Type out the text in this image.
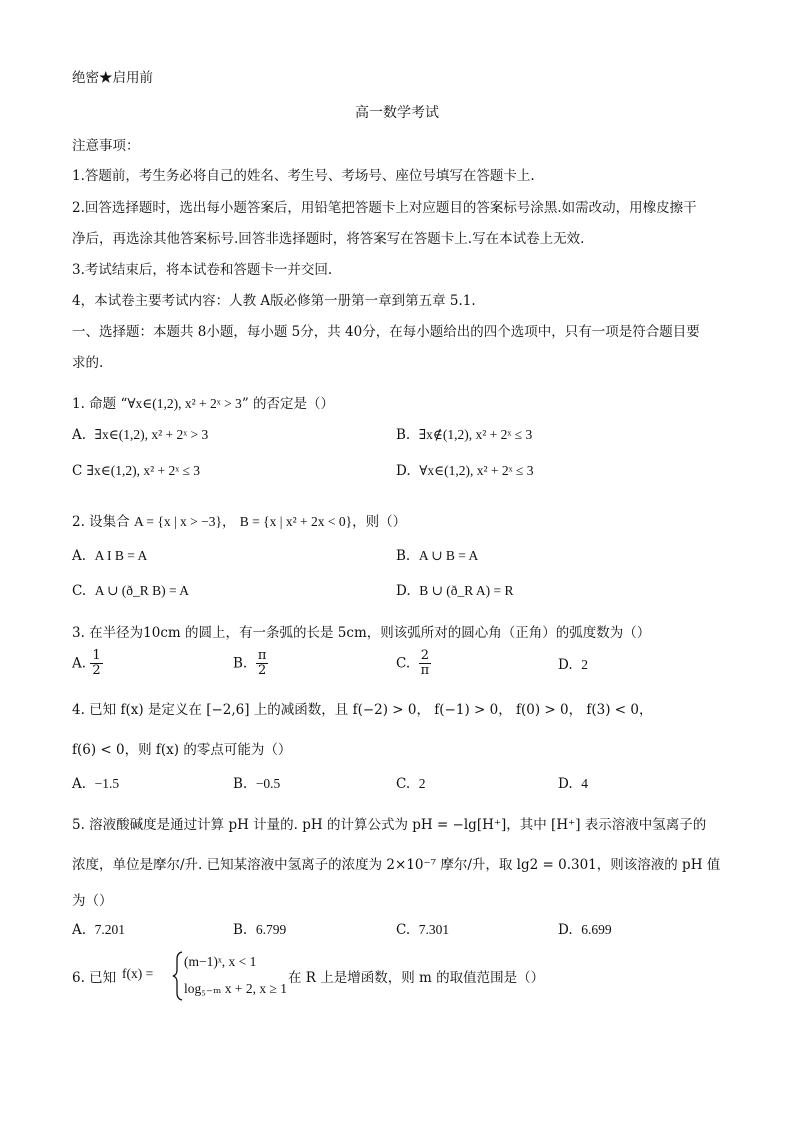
绝密★启用前
高一数学考试
注意事项：
1.答题前，考生务必将自己的姓名、考生号、考场号、座位号填写在答题卡上.
2.回答选择题时，选出每小题答案后，用铅笔把答题卡上对应题目的答案标号涂黑.如需改动，用橡皮擦干
净后，再选涂其他答案标号.回答非选择题时，将答案写在答题卡上.写在本试卷上无效.
3.考试结束后，将本试卷和答题卡一并交回.
4，本试卷主要考试内容：人教 A版必修第一册第一章到第五章 5.1.
一、选择题：本题共 8小题，每小题 5分，共 40分，在每小题给出的四个选项中，只有一项是符合题目要
求的.
1. 命题 “∀x∈(1,2), x² + 2ˣ > 3” 的否定是（）
A. ∃x∈(1,2), x² + 2ˣ > 3	B. ∃x∉(1,2), x² + 2ˣ ≤ 3
C ∃x∈(1,2), x² + 2ˣ ≤ 3	D. ∀x∈(1,2), x² + 2ˣ ≤ 3
2. 设集合 A = {x | x > −3}， B = {x | x² + 2x < 0}，则（）
A. A I B = A	B. A ∪ B = A
C. A ∪ (ð_R B) = A	D. B ∪ (ð_R A) = R
3. 在半径为10cm 的圆上，有一条弧的长是 5cm，则该弧所对的圆心角（正角）的弧度数为（）
A. $\frac{1}{2}$	B. $\frac{\pi}{2}$	C. $\frac{2}{\pi}$	D. 2
4. 已知 f(x) 是定义在 [−2,6] 上的减函数，且 f(−2) > 0， f(−1) > 0， f(0) > 0， f(3) < 0，
f(6) < 0，则 f(x) 的零点可能为（）
A. −1.5	B. −0.5	C. 2	D. 4
5. 溶液酸碱度是通过计算 pH 计量的. pH 的计算公式为 pH = −lg[H⁺]，其中 [H⁺] 表示溶液中氢离子的
浓度，单位是摩尔/升. 已知某溶液中氢离子的浓度为 2×10⁻⁷ 摩尔/升，取 lg2 = 0.301，则该溶液的 pH 值
为（）
A. 7.201	B. 6.799	C. 7.301	D. 6.699
6. 已知 f(x) =
(m−1)ˣ, x < 1
log₅₋ₘ x + 2, x ≥ 1
在 R 上是增函数，则 m 的取值范围是（）
